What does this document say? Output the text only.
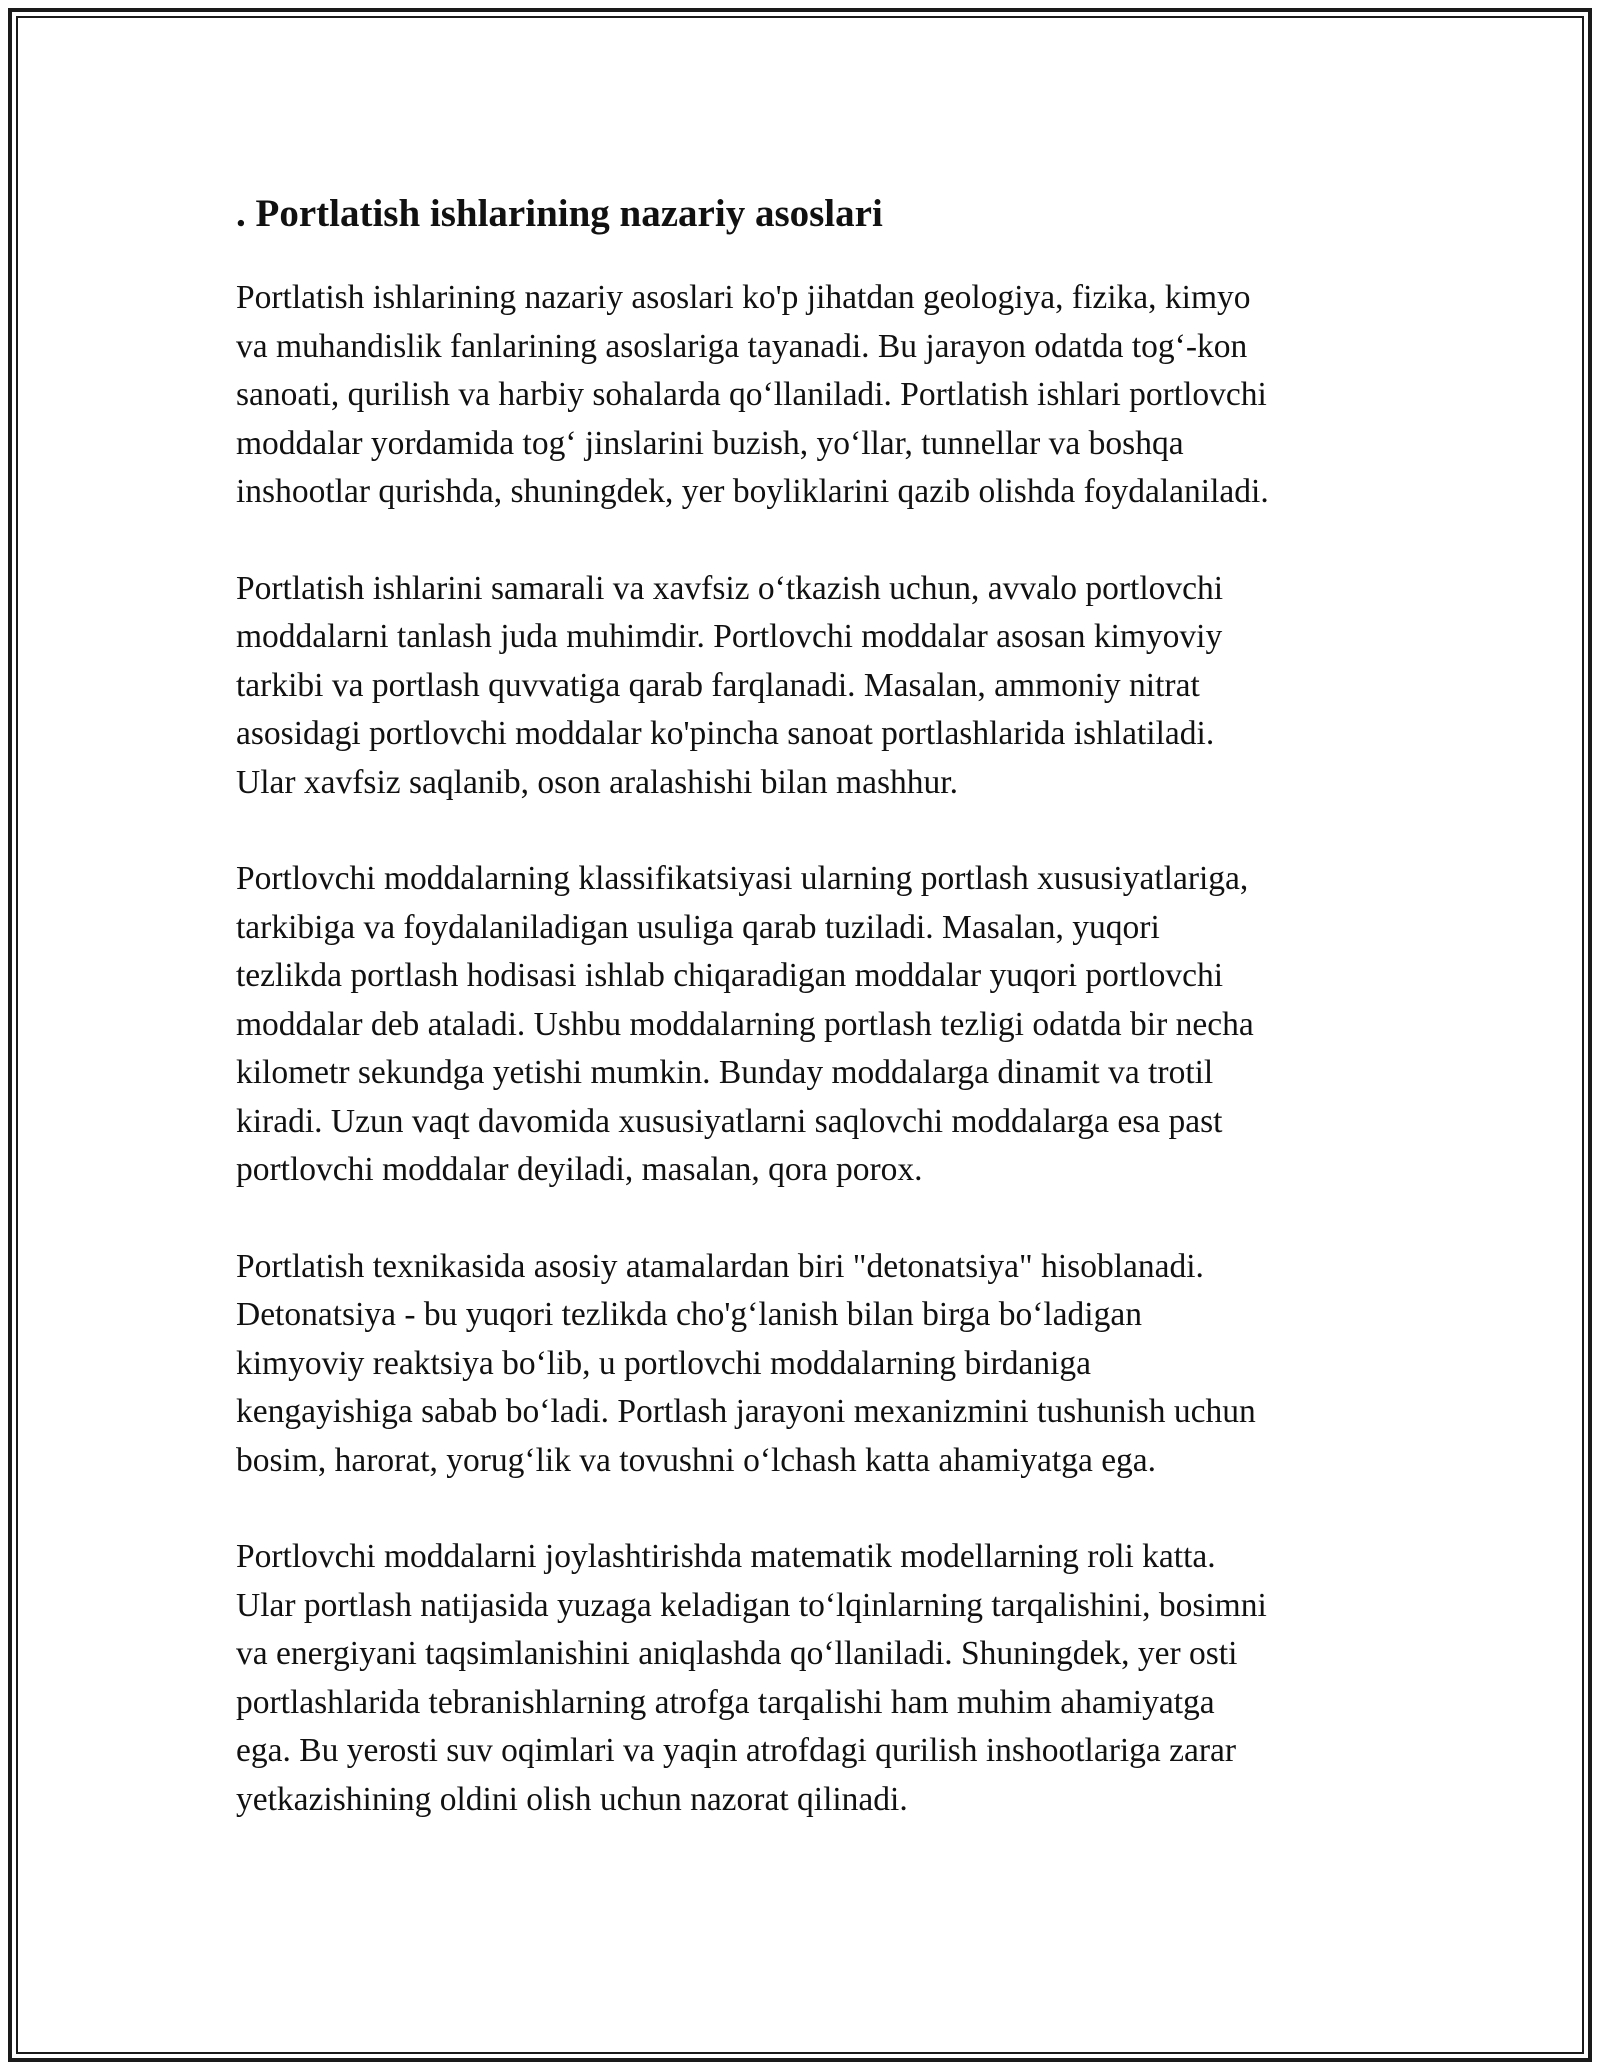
. Portlatish ishlarining nazariy asoslari

Portlatish ishlarining nazariy asoslari ko'p jihatdan geologiya, fizika, kimyo
va muhandislik fanlarining asoslariga tayanadi. Bu jarayon odatda tog‘-kon
sanoati, qurilish va harbiy sohalarda qo‘llaniladi. Portlatish ishlari portlovchi
moddalar yordamida tog‘ jinslarini buzish, yo‘llar, tunnellar va boshqa
inshootlar qurishda, shuningdek, yer boyliklarini qazib olishda foydalaniladi.

Portlatish ishlarini samarali va xavfsiz o‘tkazish uchun, avvalo portlovchi
moddalarni tanlash juda muhimdir. Portlovchi moddalar asosan kimyoviy
tarkibi va portlash quvvatiga qarab farqlanadi. Masalan, ammoniy nitrat
asosidagi portlovchi moddalar ko'pincha sanoat portlashlarida ishlatiladi.
Ular xavfsiz saqlanib, oson aralashishi bilan mashhur.

Portlovchi moddalarning klassifikatsiyasi ularning portlash xususiyatlariga,
tarkibiga va foydalaniladigan usuliga qarab tuziladi. Masalan, yuqori
tezlikda portlash hodisasi ishlab chiqaradigan moddalar yuqori portlovchi
moddalar deb ataladi. Ushbu moddalarning portlash tezligi odatda bir necha
kilometr sekundga yetishi mumkin. Bunday moddalarga dinamit va trotil
kiradi. Uzun vaqt davomida xususiyatlarni saqlovchi moddalarga esa past
portlovchi moddalar deyiladi, masalan, qora porox.

Portlatish texnikasida asosiy atamalardan biri "detonatsiya" hisoblanadi.
Detonatsiya - bu yuqori tezlikda cho'g‘lanish bilan birga bo‘ladigan
kimyoviy reaktsiya bo‘lib, u portlovchi moddalarning birdaniga
kengayishiga sabab bo‘ladi. Portlash jarayoni mexanizmini tushunish uchun
bosim, harorat, yorug‘lik va tovushni o‘lchash katta ahamiyatga ega.

Portlovchi moddalarni joylashtirishda matematik modellarning roli katta.
Ular portlash natijasida yuzaga keladigan to‘lqinlarning tarqalishini, bosimni
va energiyani taqsimlanishini aniqlashda qo‘llaniladi. Shuningdek, yer osti
portlashlarida tebranishlarning atrofga tarqalishi ham muhim ahamiyatga
ega. Bu yerosti suv oqimlari va yaqin atrofdagi qurilish inshootlariga zarar
yetkazishining oldini olish uchun nazorat qilinadi.
